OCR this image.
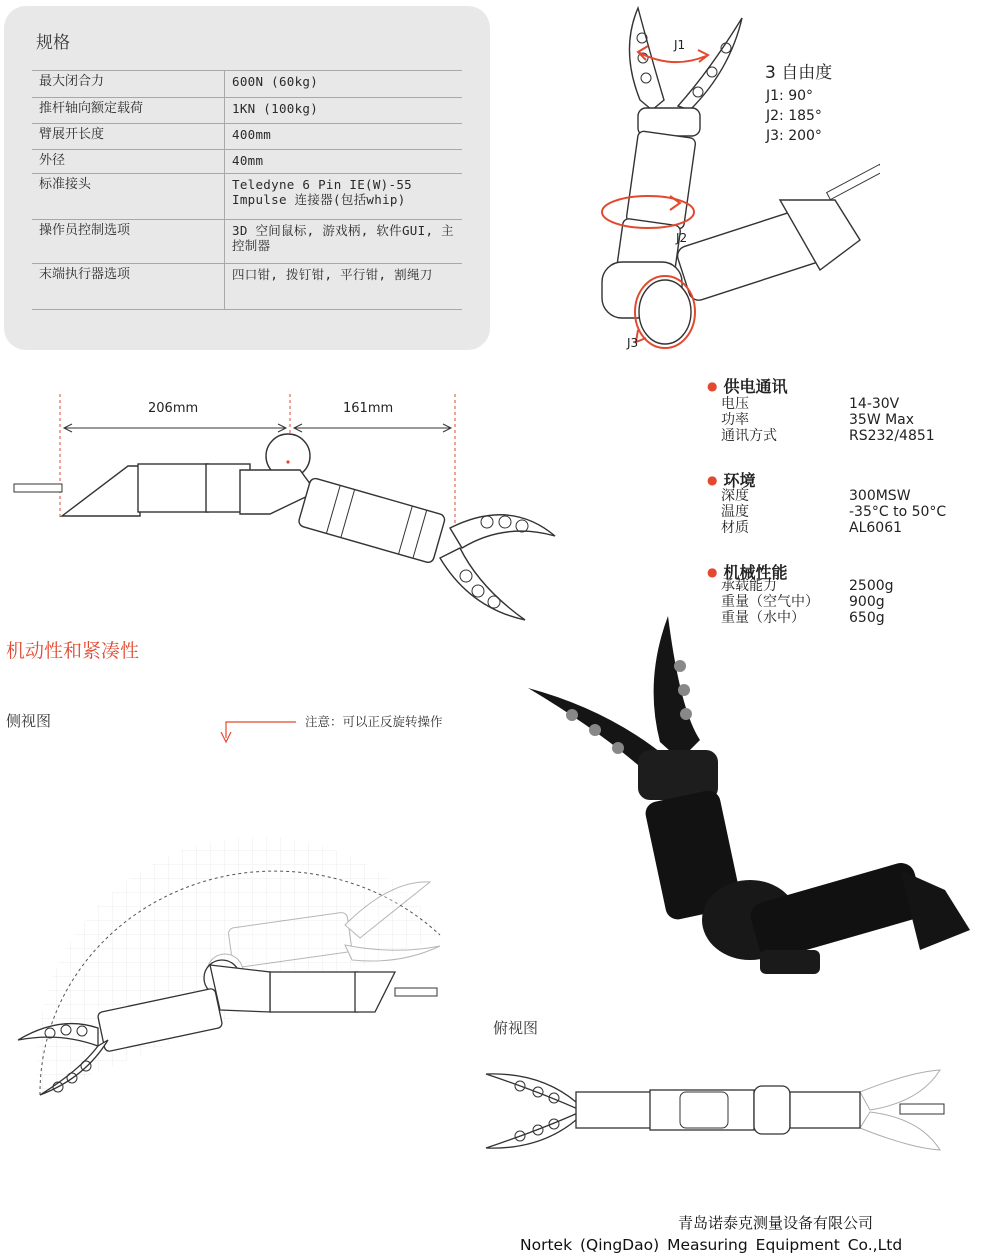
规格
最大闭合力	600N (60kg)
推杆轴向额定载荷	1KN (100kg)
臂展开长度	400mm
外径	40mm
标准接头	Teledyne 6 Pin IE(W)-55 Impulse 连接器(包括whip)
操作员控制选项	3D 空间鼠标, 游戏柄, 软件GUI, 主控制器
末端执行器选项	四口钳, 拨钉钳, 平行钳, 割绳刀
J1
J2
J3
3 自由度
J1: 90°
J2: 185°
J3: 200°
206mm	161mm
● 供电通讯
电压	14-30V
功率	35W Max
通讯方式	RS232/4851
● 环境
深度	300MSW
温度	-35°C to 50°C
材质	AL6061
● 机械性能
承载能力	2500g
重量（空气中） 900g
重量（水中）	650g
机动性和紧凑性
侧视图	注意：可以正反旋转操作
俯视图
青岛诺泰克测量设备有限公司
Nortek (QingDao) Measuring Equipment Co.,Ltd
